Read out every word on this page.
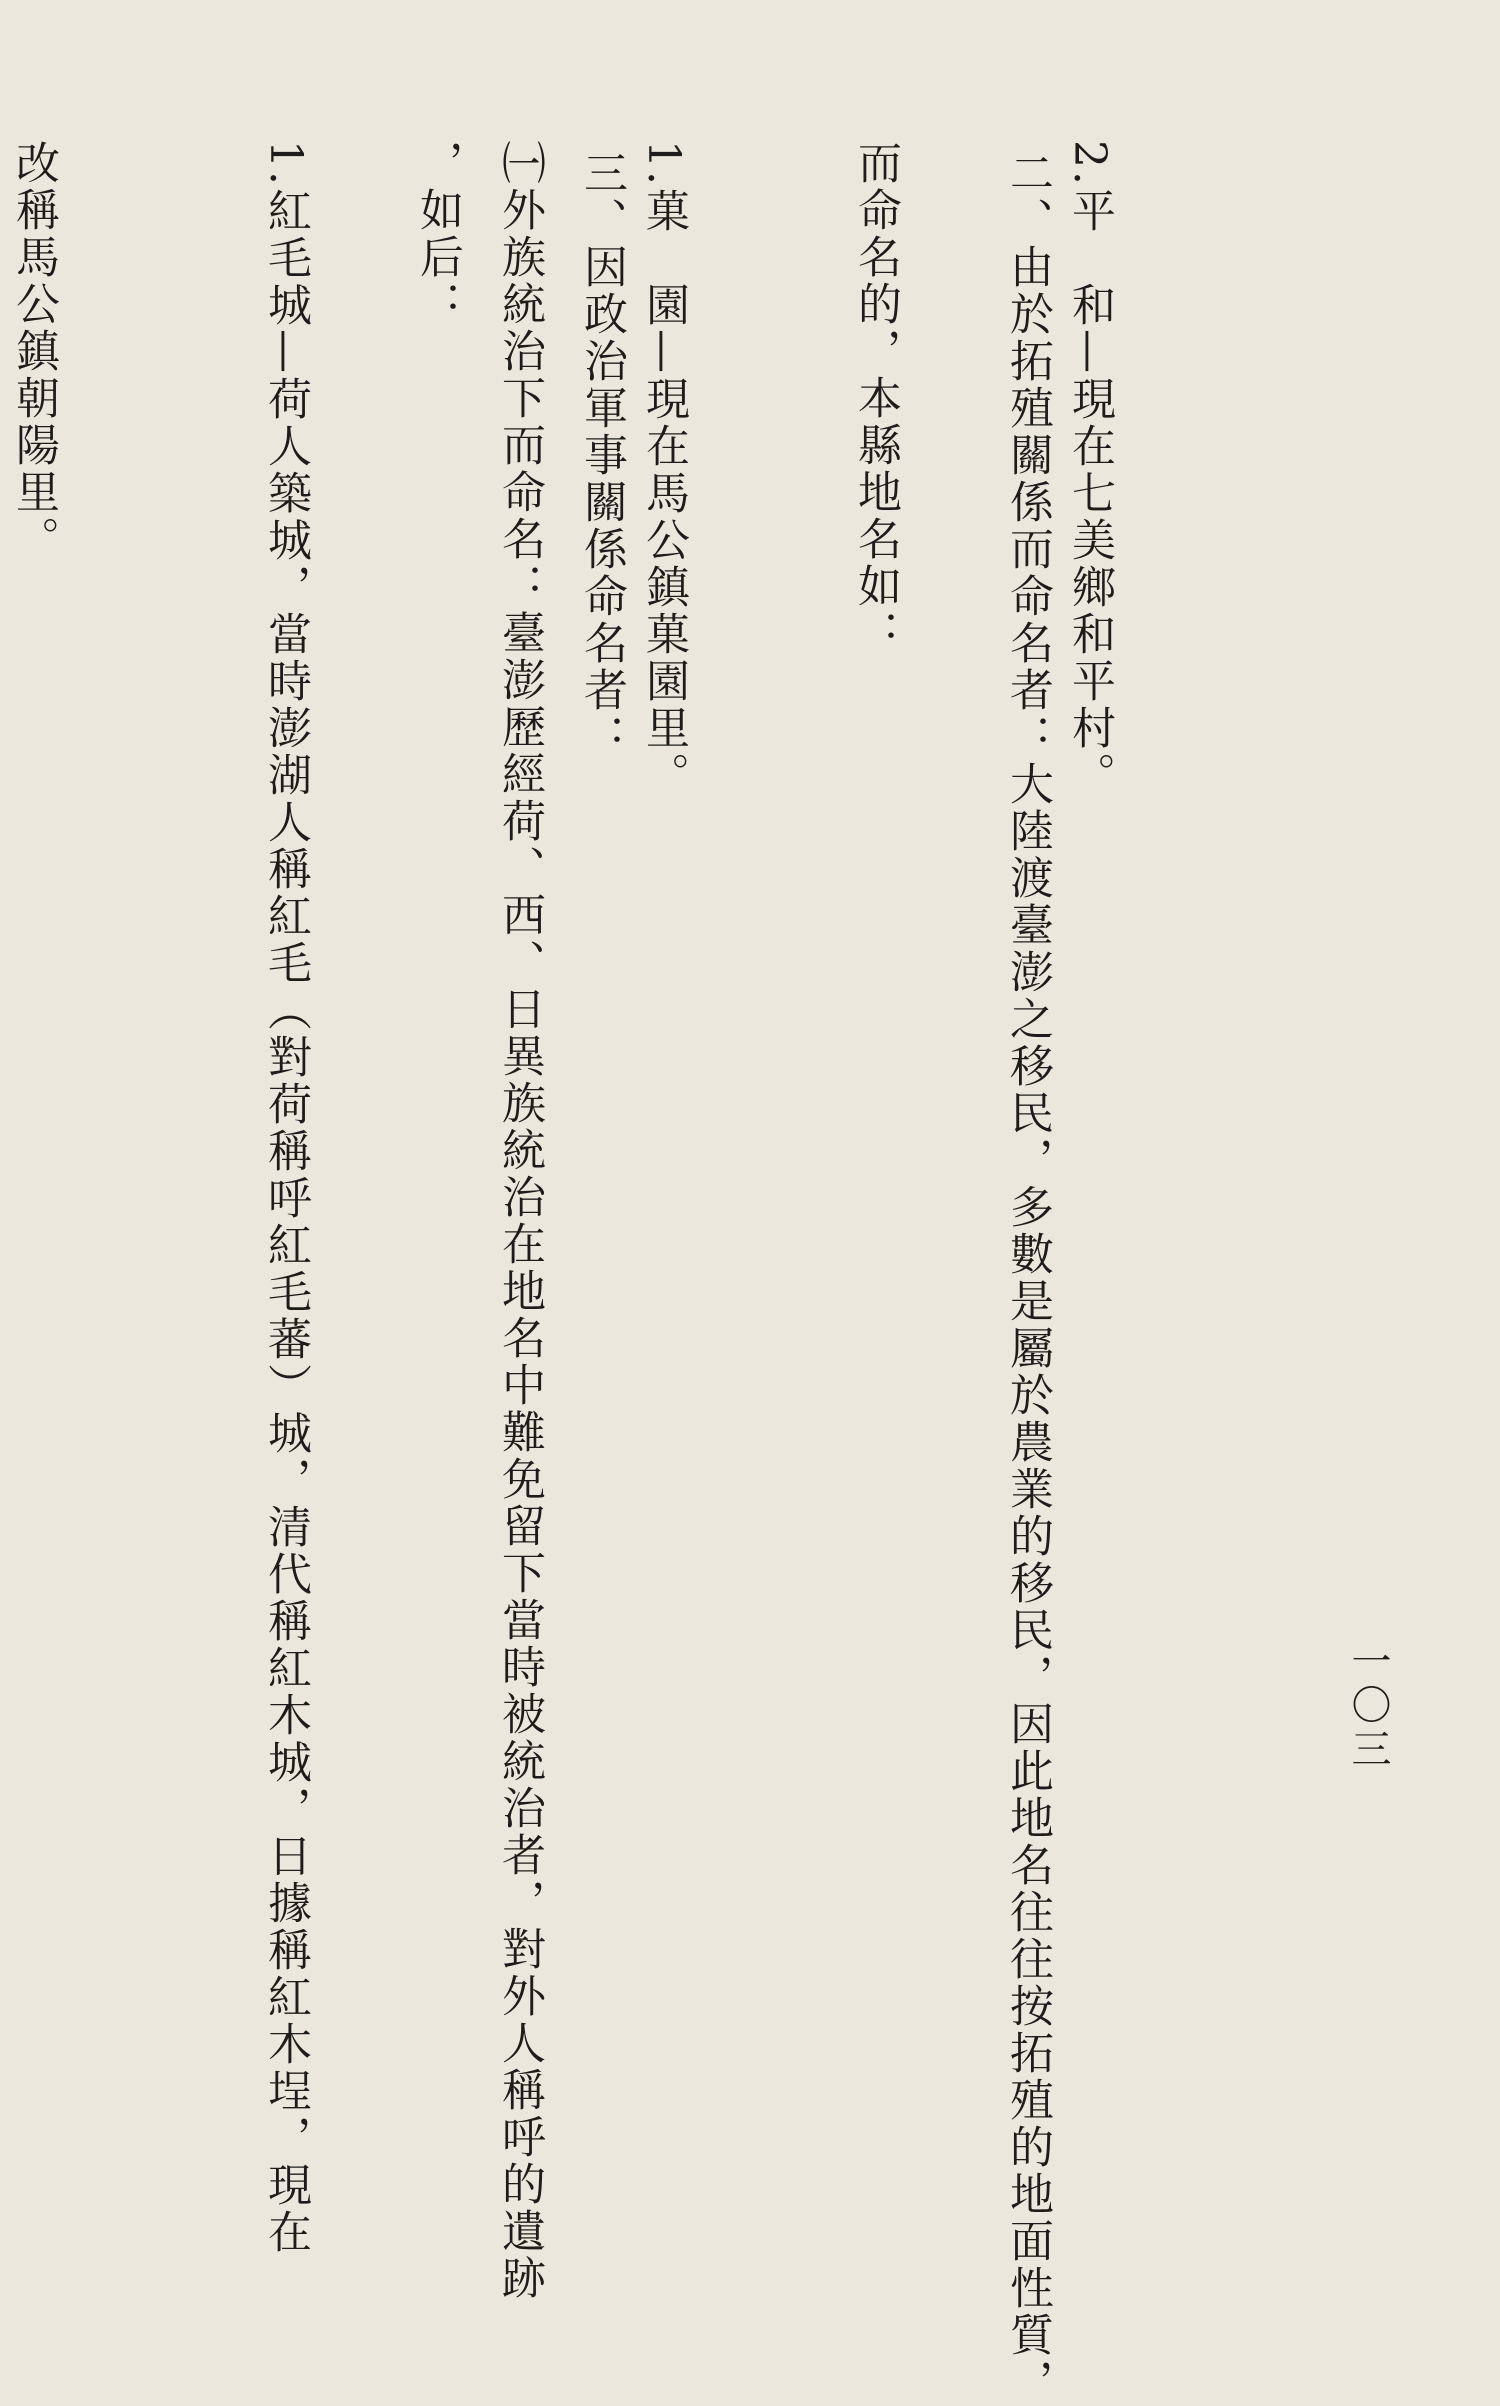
一〇三
2.平　和—現在七美鄉和平村。
二、由於拓殖關係而命名者：大陸渡臺澎之移民，多數是屬於農業的移民，因此地名往往按拓殖的地面性質，
而命名的，本縣地名如：
1.菓　園—現在馬公鎮菓園里。
三、因政治軍事關係命名者：
㈠外族統治下而命名：臺澎歷經荷、西、日異族統治在地名中難免留下當時被統治者，對外人稱呼的遺跡
，如后：
1.紅毛城—荷人築城，當時澎湖人稱紅毛（對荷稱呼紅毛蕃）城，清代稱紅木城，日據稱紅木埕，現在
改稱馬公鎮朝陽里。
